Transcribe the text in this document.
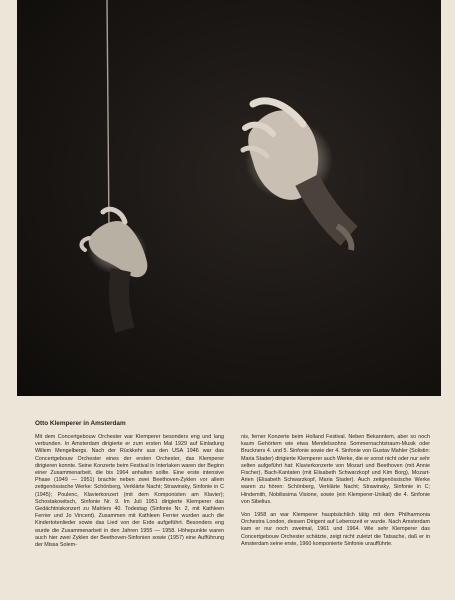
Otto Klemperer in Amsterdam

Mit dem Concertgebouw Orchester war Klemperer besonders eng und lang verbunden. In Amsterdam dirigierte er zum ersten Mal 1929 auf Einladung Willem Mengelbergs. Nach der Rückkehr aus den USA 1946 war das Concertgebouw Orchester eines der ersten Orchester, das Klemperer dirigieren konnte. Seine Konzerte beim Festival in Interlaken waren der Beginn einer Zusammenarbeit, die bis 1964 anhalten sollte. Eine erste intensive Phase (1949 — 1951) brachte neben zwei Beethoven-Zyklen vor allem zeitgenössische Werke: Schönberg, Verklärte Nacht; Strawinsky, Sinfonie in C (1945); Poulenc, Klavierkonzert (mit dem Komponisten am Klavier); Schostakowitsch, Sinfonie Nr. 9. Im Juli 1951 dirigierte Klemperer das Gedächtniskonzert zu Mahlers 40. Todestag (Sinfonie Nr. 2, mit Kathleen Ferrier und Jo Vincent). Zusammen mit Kathleen Ferrier wurden auch die Kindertotenlieder sowie das Lied von der Erde aufgeführt. Besonders eng wurde die Zusammenarbeit in den Jahren 1955 — 1958. Höhepunkte waren auch hier zwei Zyklen der Beethoven-Sinfonien sowie (1957) eine Aufführung der Missa Solem-

nis, ferner Konzerte beim Holland Festival. Neben Bekanntem, aber so noch kaum Gehörtem wie etwa Mendelssohns Sommernachtstraum-Musik oder Bruckners 4. und 5. Sinfonie sowie der 4. Sinfonie von Gustav Mahler (Solistin: Maria Stader) dirigierte Klemperer auch Werke, die er sonst nicht oder nur sehr selten aufgeführt hat: Klavierkonzerte von Mozart und Beethoven (mit Annie Fischer), Bach-Kantaten (mit Elisabeth Schwarzkopf und Kim Borg), Mozart-Arien (Elisabeth Schwarzkopf, Maria Stader). Auch zeitgenössische Werke waren zu hören: Schönberg, Verklärte Nacht; Strawinsky, Sinfonie in C; Hindemith, Nobilissima Visione, sowie (ein Klemperer-Unikat) die 4. Sinfonie von Sibelius.

Von 1958 an war Klemperer hauptsächlich tätig mit dem Philharmonia Orchestra London, dessen Dirigent auf Lebenszeit er wurde. Nach Amsterdam kam er nur noch zweimal, 1961 und 1964. Wie sehr Klemperer das Concertgebouw Orchester schätzte, zeigt nicht zuletzt die Tatsache, daß er in Amsterdam seine erste, 1960 komponierte Sinfonie uraufführte.
